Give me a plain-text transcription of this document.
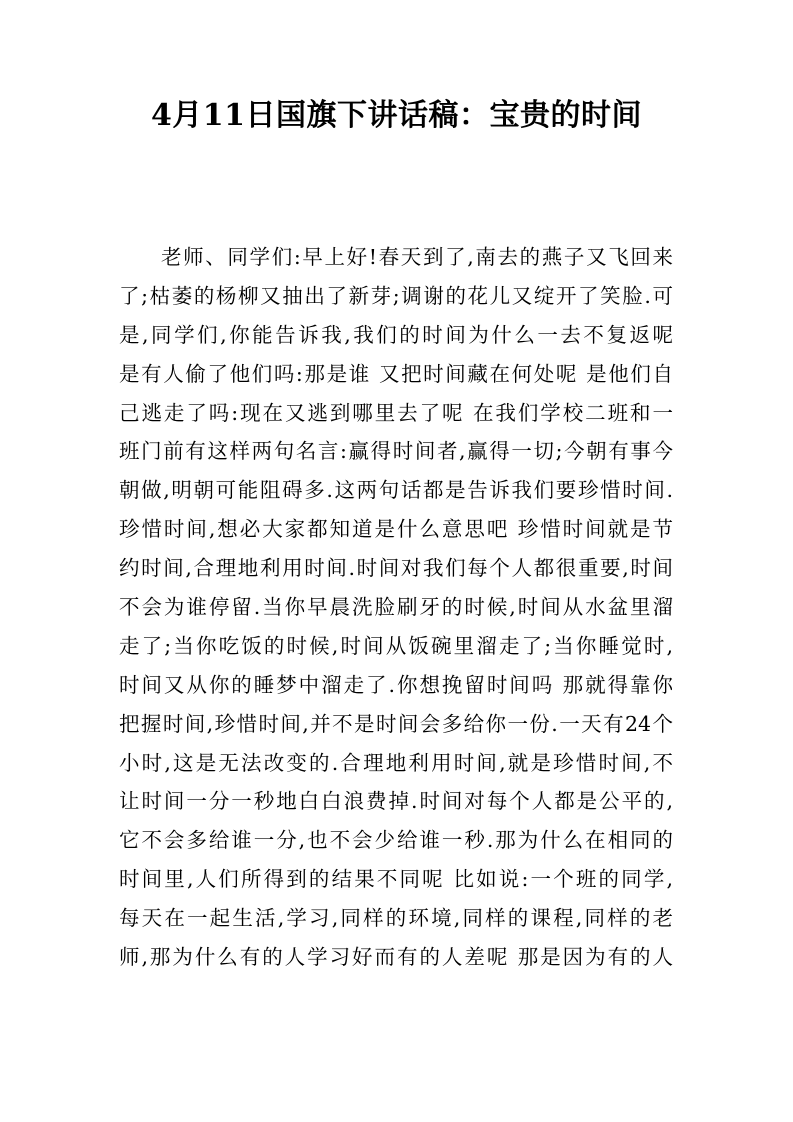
4月11日国旗下讲话稿：宝贵的时间
老师、同学们:早上好!春天到了,南去的燕子又飞回来
了;枯萎的杨柳又抽出了新芽;调谢的花儿又绽开了笑脸.可
是,同学们,你能告诉我,我们的时间为什么一去不复返呢
是有人偷了他们吗:那是谁 又把时间藏在何处呢 是他们自
己逃走了吗:现在又逃到哪里去了呢 在我们学校二班和一
班门前有这样两句名言:赢得时间者,赢得一切;今朝有事今
朝做,明朝可能阻碍多.这两句话都是告诉我们要珍惜时间.
珍惜时间,想必大家都知道是什么意思吧 珍惜时间就是节
约时间,合理地利用时间.时间对我们每个人都很重要,时间
不会为谁停留.当你早晨洗脸刷牙的时候,时间从水盆里溜
走了;当你吃饭的时候,时间从饭碗里溜走了;当你睡觉时,
时间又从你的睡梦中溜走了.你想挽留时间吗 那就得靠你
把握时间,珍惜时间,并不是时间会多给你一份.一天有24个
小时,这是无法改变的.合理地利用时间,就是珍惜时间,不
让时间一分一秒地白白浪费掉.时间对每个人都是公平的,
它不会多给谁一分,也不会少给谁一秒.那为什么在相同的
时间里,人们所得到的结果不同呢 比如说:一个班的同学,
每天在一起生活,学习,同样的环境,同样的课程,同样的老
师,那为什么有的人学习好而有的人差呢 那是因为有的人
